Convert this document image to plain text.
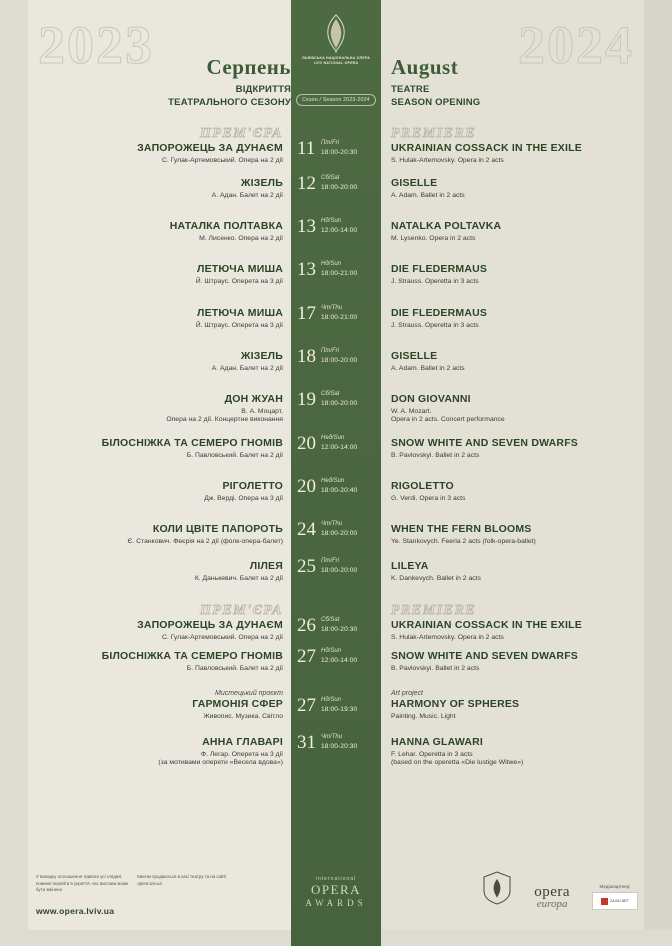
2023	2024
ЛЬВІВСЬКА НАЦІОНАЛЬНА ОПЕРА
LVIV NATIONAL OPERA
Сезон / Season 2023-2024
Серпень	August
ВІДКРИТТЯ
ТЕАТРАЛЬНОГО СЕЗОНУ
TEATRE
SEASON OPENING
ПРЕМ'ЄРА
ЗАПОРОЖЕЦЬ ЗА ДУНАЄМ
С. Гулак-Артемовський. Опера на 2 дії
PREMIERE
UKRAINIAN COSSACK IN THE EXILE
S. Hulak-Artemovsky. Opera in 2 acts
11 Пт/Fri
18:00-20:30
ЖІЗЕЛЬ
А. Адан. Балет на 2 дії
GISELLE
A. Adam. Ballet in 2 acts
12 Сб/Sat
18:00-20:00
НАТАЛКА ПОЛТАВКА
М. Лисенко. Опера на 2 дії
NATALKA POLTAVKA
M. Lysenko. Opera in 2 acts
13 Нд/Sun
12:00-14:00
ЛЕТЮЧА МИША
Й. Штраус. Оперета на 3 дії
DIE FLEDERMAUS
J. Strauss. Operetta in 3 acts
13 Нд/Sun
18:00-21:00
ЛЕТЮЧА МИША
Й. Штраус. Оперета на 3 дії
DIE FLEDERMAUS
J. Strauss. Operetta in 3 acts
17 Чт/Thu
18:00-21:00
ЖІЗЕЛЬ
А. Адан. Балет на 2 дії
GISELLE
A. Adam. Ballet in 2 acts
18 Пт/Fri
18:00-20:00
ДОН ЖУАН
В. А. Моцарт.
Опера на 2 дії. Концертне виконання
DON GIOVANNI
W. A. Mozart.
Opera in 2 acts. Concert performance
19 Сб/Sat
18:00-20:00
БІЛОСНІЖКА ТА СЕМЕРО ГНОМІВ
Б. Павловський. Балет на 2 дії
SNOW WHITE AND SEVEN DWARFS
B. Pavlovskyi. Ballet in 2 acts
20 Нед/Sun
12:00-14:00
РІГОЛЕТТО
Дж. Верді. Опера на 3 дії
RIGOLETTO
G. Verdi. Opera in 3 acts
20 Нед/Sun
18:00-20:40
КОЛИ ЦВІТЕ ПАПОРОТЬ
Є. Станкович. Феєрія на 2 дії (фолк-опера-балет)
WHEN THE FERN BLOOMS
Ye. Stankovych. Feeria 2 acts (folk-opera-ballet)
24 Чт/Thu
18:00-20:00
ЛІЛЕЯ
К. Данькевич. Балет на 2 дії
LILEYA
K. Dankevych. Ballet in 2 acts
25 Пт/Fri
18:00-20:00
ПРЕМ'ЄРА
ЗАПОРОЖЕЦЬ ЗА ДУНАЄМ
С. Гулак-Артемовський. Опера на 2 дії
PREMIERE
UKRAINIAN COSSACK IN THE EXILE
S. Hulak-Artemovsky. Opera in 2 acts
26 Сб/Sat
18:00-20:30
БІЛОСНІЖКА ТА СЕМЕРО ГНОМІВ
Б. Павловський. Балет на 2 дії
SNOW WHITE AND SEVEN DWARFS
B. Pavlovskyi. Ballet in 2 acts
27 Нд/Sun
12:00-14:00
Мистецький проєкт
ГАРМОНІЯ СФЕР
Живопис. Музика. Світло
Art project
HARMONY OF SPHERES
Painting. Music. Light
27 Нд/Sun
18:00-19:30
АННА ГЛАВАРІ
Ф. Легар. Оперета на 3 дії
(за мотивами оперети «Весела вдова»)
HANNA GLAWARI
F. Lehar. Operetta in 3 acts
(based on the operetta «Die lustige Witwe»)
31 Чт/Thu
18:00-20:30
У випадку оголошення тривоги усі глядачі повинні перейти в укриття; час вистави може бути змінено Квитки продаються в касі театру та на сайті opera.lviv.ua
www.opera.lviv.ua
international
OPERA
AWARDS
opera
europa
Медіапартнер:
ZAXID.NET
